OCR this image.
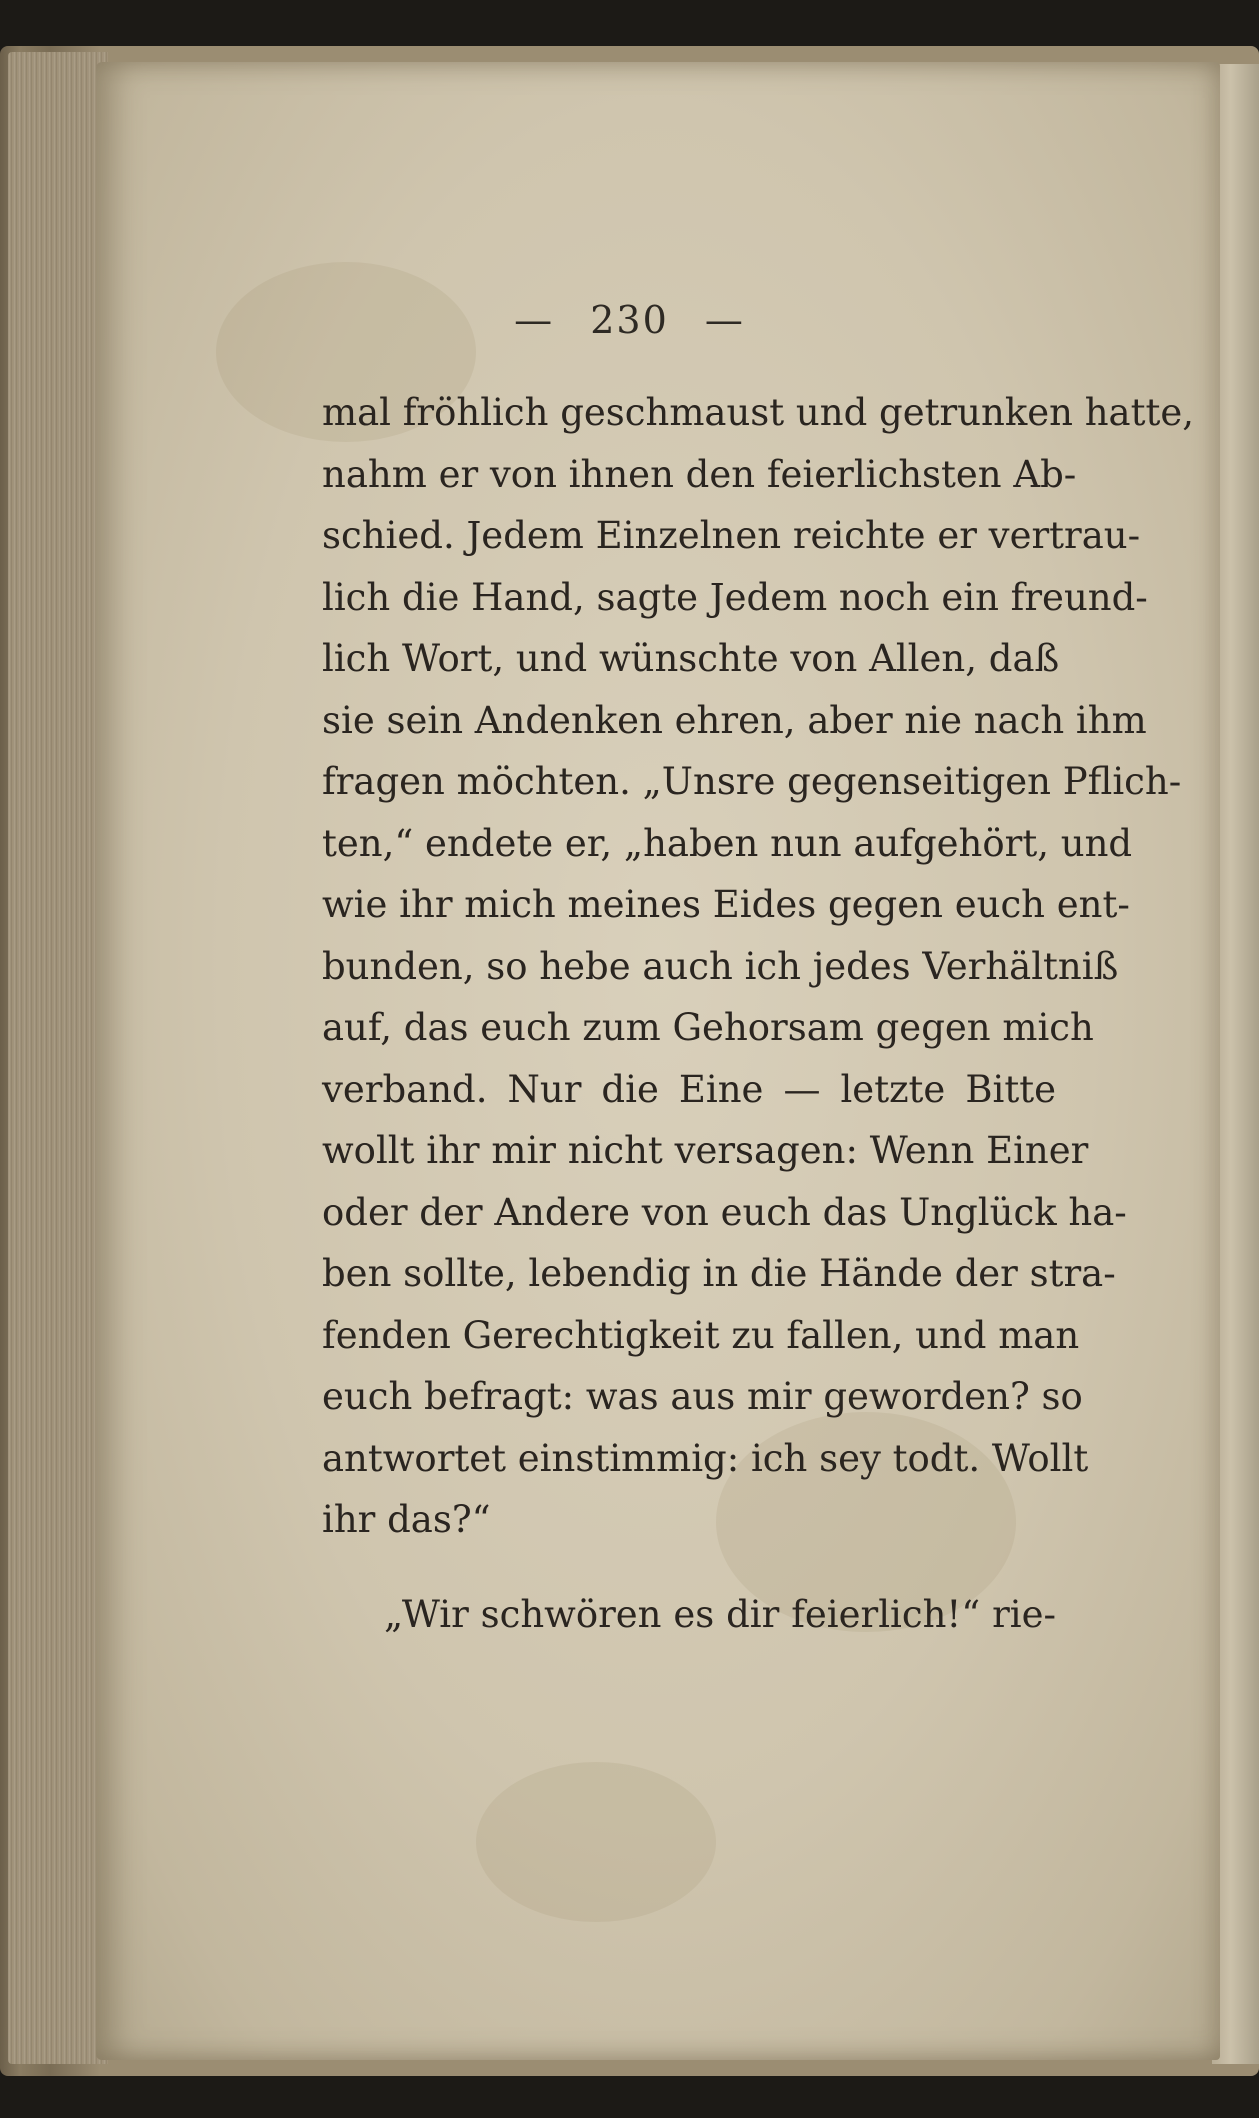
— 230 —
mal fröhlich geschmaust und getrunken hatte,
nahm er von ihnen den feierlichsten Ab-
schied. Jedem Einzelnen reichte er vertrau-
lich die Hand, sagte Jedem noch ein freund-
lich Wort, und wünschte von Allen, daß
sie sein Andenken ehren, aber nie nach ihm
fragen möchten. „Unsre gegenseitigen Pflich-
ten,“ endete er, „haben nun aufgehört, und
wie ihr mich meines Eides gegen euch ent-
bunden, so hebe auch ich jedes Verhältniß
auf, das euch zum Gehorsam gegen mich
verband. Nur die Eine — letzte Bitte
wollt ihr mir nicht versagen: Wenn Einer
oder der Andere von euch das Unglück ha-
ben sollte, lebendig in die Hände der stra-
fenden Gerechtigkeit zu fallen, und man
euch befragt: was aus mir geworden? so
antwortet einstimmig: ich sey todt. Wollt
ihr das?“
„Wir schwören es dir feierlich!“ rie-
